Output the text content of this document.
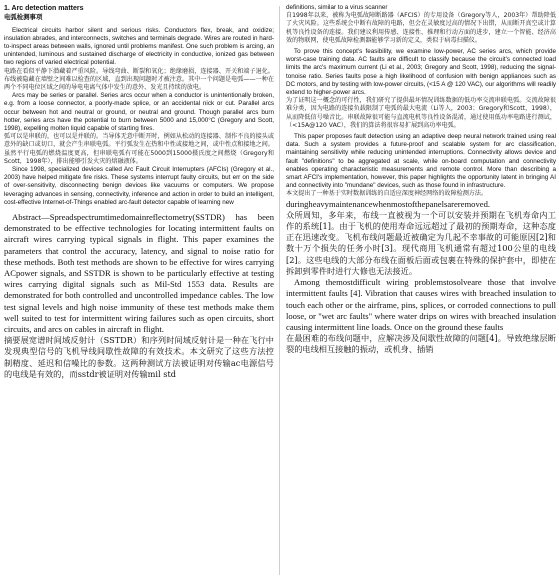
1. Arc detection matters
电弧检测事项

Electrical circuits harbor silent and serious risks. Conductors flex, break, and oxidize; insulation abrades, and interconnects, switches and terminals degrade. Wires are routed in hard-to-inspect areas between walls, ignored until problems manifest. One such problem is arcing, an unintended, luminous and sustained discharge of electricity in conductive, ionized gas between two regions of varied electrical potential.

电路在看似平静下潜藏着严重风险。导线弯曲、断裂和氧化；绝缘磨损，连接器、开关和端子退化。布线被隐藏在墙壁之间难以检查的区域，直到出现问题时才被注意。其中一个问题是电弧——一种在两个不同电位区域之间的导电电离气体中发生的意外、发光且持续的放电。

Arcs may be series or parallel. Series arcs occur when a conductor is unintentionally broken, e.g. from a loose connector, a poorly-made splice, or an accidental nick or cut. Parallel arcs occur between hot and neutral or ground, or neutral and ground. Though parallel arcs burn hotter, series arcs have the potential to burn between 5000 and 15,000°C (Gregory and Scott, 1998), expelling molten liquid capable of starting fires.

弧可以是串联的，也可以是并联的。当导体无意中断开时，例如从松动的连接器、制作不良的接头或意外的缺口或切口，就会产生串联电弧。平行弧发生在热和中性或接地之间，或中性点和接地之间。虽然平行电弧的燃烧温度更高，但串联电弧有可能在5000到15000摄氏度之间燃烧（Gregory和Scott，1998年），排出能够引发火灾的熔融液体。

Since 1998, specialized devices called Arc Fault Circuit Interrupters (AFCIs) (Gregory et al., 2003) have helped mitigate fire risks. These systems interrupt faulty circuits, but err on the side of over-sensitivity, disconnecting benign devices like vacuums or computers. We propose leveraging advances in sensing, connectivity, inference and action in order to build an intelligent, cost-effective Internet-of-Things enabled arc-fault detector capable of learning new

Abstract—Spreadspectrumtimedomainreflectometry(SSTDR) has been demonstrated to be effective technologies for locating intermittent faults on aircraft wires carrying typical signals in flight. This paper examines the parameters that control the accuracy, latency, and signal to noise ratio for these methods. Both test methods are shown to be effective for wires carrying ACpower signals, and SSTDR is shown to be particularly effective at testing wires carrying digital signals such as Mil-Std 1553 data. Results are demonstrated for both controlled and uncontrolled impedance cables. The low test signal levels and high noise immunity of these test methods make them well suited to test for intermittent wiring failures such as open circuits, short circuits, and arcs on cables in aircraft in flight.

摘要展宽谱时间域反射计（SSTDR）和序列时间域反射计是一种在飞行中发现典型信号的飞机导线间歇性故障的有效技术。本文研究了这些方法控制精度、延迟和信噪比的参数。这两种测试方法被证明对传输ac电源信号的电线是有效的，而sstdr被证明对传输mil std

definitions, similar to a virus scanner

自1998年以来，被称为电弧故障断路器（AFCIS）的专用设备（Gregory等人，2003年）帮助降低了火灾风险。这些系统会中断有故障的电路，但会在灵敏度过高的情况下出错，从而断开真空或计算机等良性设备的连接。我们建议利用传感、连接性、推理和行动方面的进步，建立一个智能、经济高效的物联网，使电弧故障检测器能够学习新的定义，类似于病毒扫描仪。

To prove this concept's feasibility, we examine low-power, AC series arcs, which provide worst-case training data. AC faults are difficult to classify because the circuit's connected load limits the arc's maximum current (Li et al., 2003; Gregory and Scott, 1998), reducing the signal-tonoise ratio. Series faults pose a high likelihood of confusion with benign appliances such as DC motors, and by testing with low-power circuits, (<15 A @ 120 VAC), our algorithms will readily extend to higher-power arcs.

为了证明这一概念的可行性，我们研究了提供最坏情况训练数据的低功率交流串联电弧。交流故障很难分类，因为电路的连接负载限制了电弧的最大电流（Li等人，2003；Gregory和Scott，1998），从而降低信号噪音比。串联故障很可能与直流电机等良性设备混淆，通过使用低功率电路进行测试，（<15A@120 VAC），我们的算法将很容易扩展到高功率电弧。

This paper proposes fault detection using an adaptive deep neural network trained using real data. Such a system provides a future-proof and scalable system for arc classification, maintaining sensitivity while reducing unintended interruptions. Connectivity allows device and fault "definitions" to be aggregated at scale, while on-board computation and connectivity enables operating characteristic measurements and remote control. More than describing a smart AFCI's implementation, however, this paper highlights the opportunity latent in bringing AI and connectivity into "mundane" devices, such as those found in infrastructure.

本文提出了一种基于实时数据训练的自适应深度神经网络的故障检测方法。

duringheavymaintenancewhenmostofthepanelsareremoved.

众所周知，多年来，布线一直被视为一个可以安装并预期在飞机寿命内工作的系统[1]。由于飞机的使用寿命远远超过了最初的预期寿命，这种态度正在迅速改变。飞机布线问题最近被确定为几起不幸事故的可能原因[2]和数十万个损失的任务小时[3]。现代商用飞机通常有超过100公里的电线[2]。这些电线的大部分布线在面板后面或包裹在特殊的保护套中，即使在拆卸到零件时进行大修也无法接近。

Among themostdifficult wiring problemstosolveare those that involve intermittent faults [4]. Vibration that causes wires with breached insulation to touch each other or the airframe, pins, splices, or corroded connections to pull loose, or "wet arc faults" where water drips on wires with breached insulation causing intermittent line loads. Once on the ground these faults

在最困难的布线问题中，应解决涉及间歇性故障的问题[4]。导致绝缘层断裂的电线相互接触的振动，或机身、插销
